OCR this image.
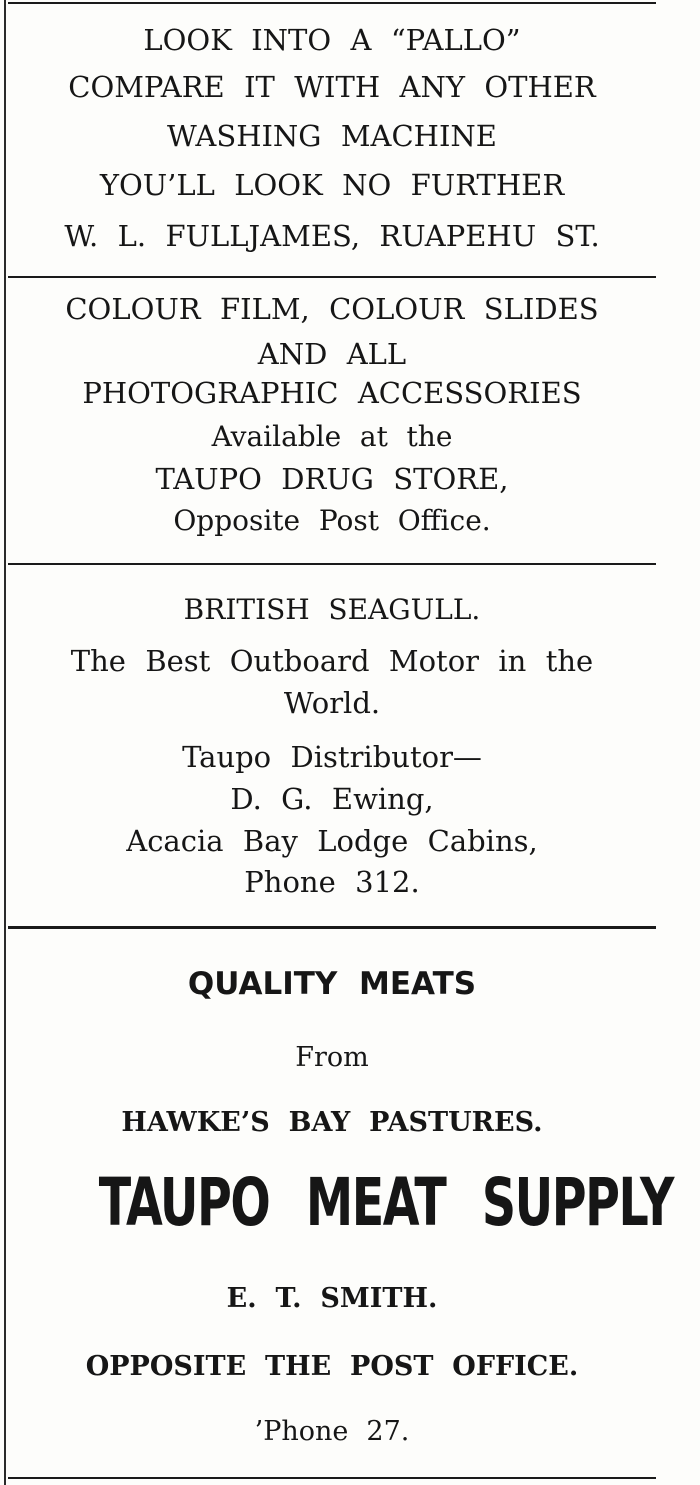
LOOK INTO A “PALLO”
COMPARE IT WITH ANY OTHER
WASHING MACHINE
YOU’LL LOOK NO FURTHER
W. L. FULLJAMES, RUAPEHU ST.
COLOUR FILM, COLOUR SLIDES
AND ALL
PHOTOGRAPHIC ACCESSORIES
Available at the
TAUPO DRUG STORE,
Opposite Post Office.
BRITISH SEAGULL.
The Best Outboard Motor in the
World.
Taupo Distributor—
D. G. Ewing,
Acacia Bay Lodge Cabins,
Phone 312.
QUALITY MEATS
From
HAWKE’S BAY PASTURES.
TAUPO MEAT SUPPLY
E. T. SMITH.
OPPOSITE THE POST OFFICE.
’Phone 27.
